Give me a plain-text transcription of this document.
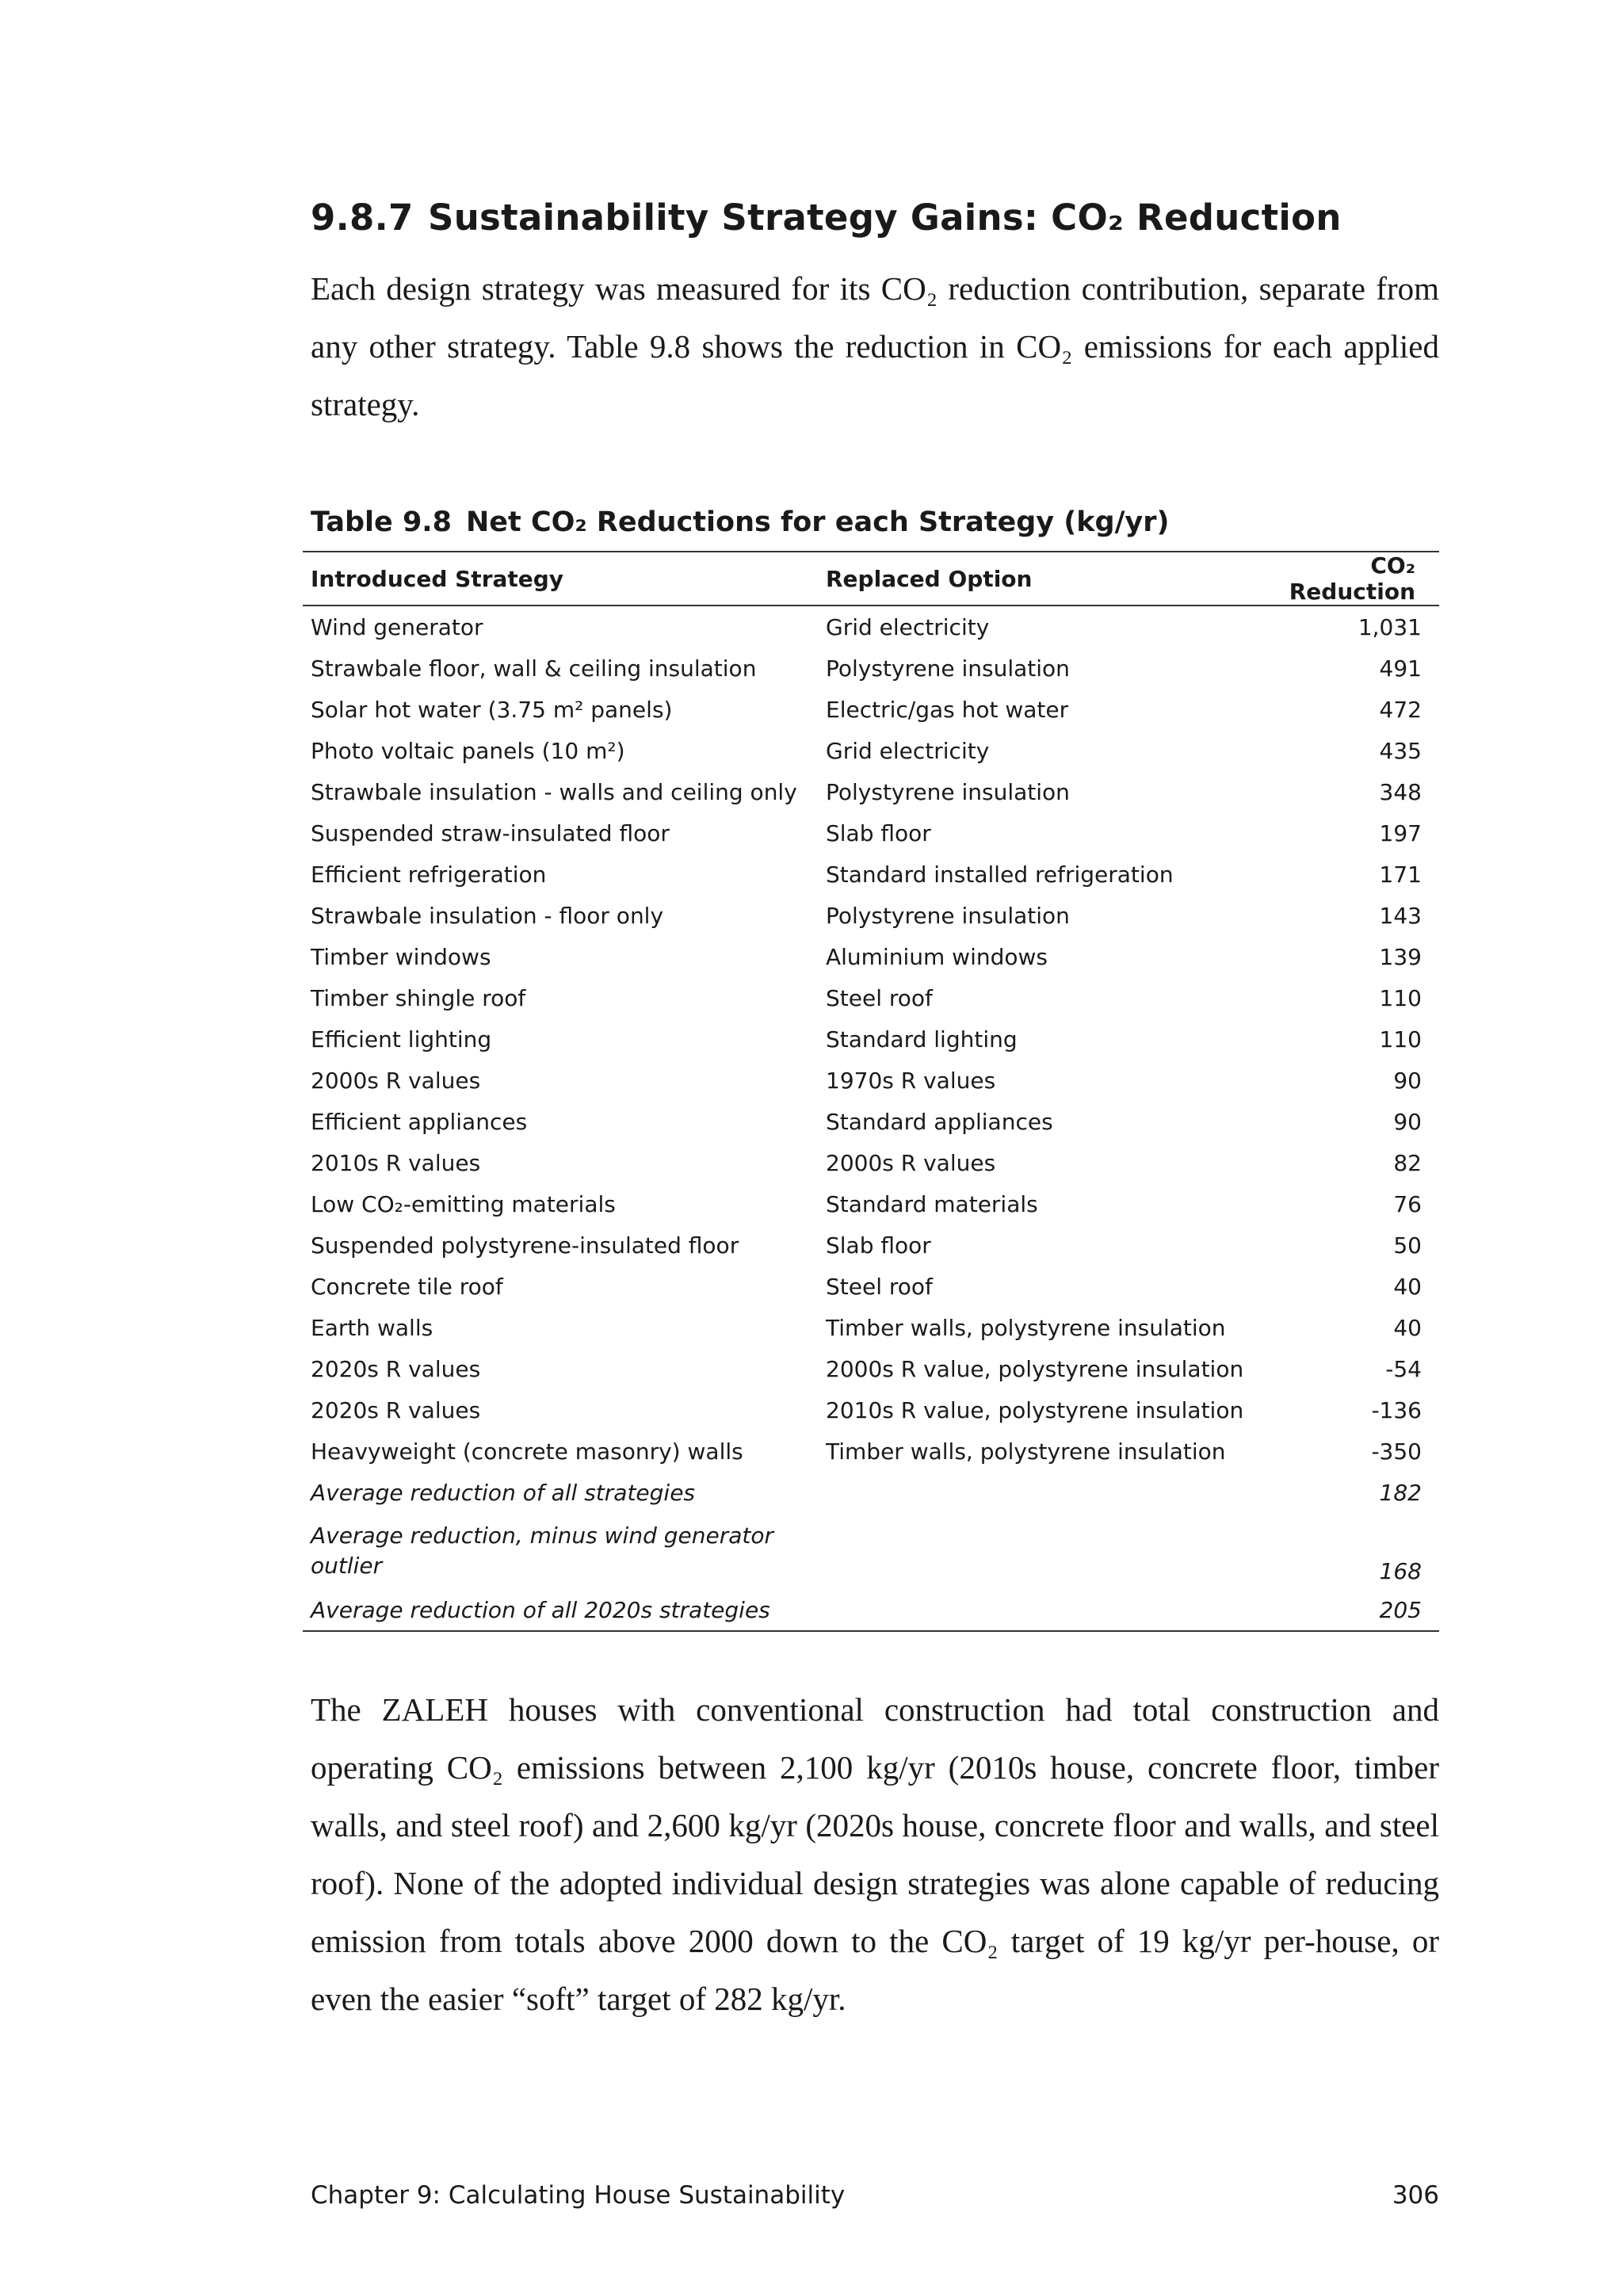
9.8.7 Sustainability Strategy Gains: CO₂ Reduction

Each design strategy was measured for its CO₂ reduction contribution, separate from any other strategy. Table 9.8 shows the reduction in CO₂ emissions for each applied strategy.

Table 9.8 Net CO₂ Reductions for each Strategy (kg/yr)
Introduced Strategy	Replaced Option	CO₂ Reduction
Wind generator	Grid electricity	1,031
Strawbale floor, wall & ceiling insulation	Polystyrene insulation	491
Solar hot water (3.75 m² panels)	Electric/gas hot water	472
Photo voltaic panels (10 m²)	Grid electricity	435
Strawbale insulation - walls and ceiling only	Polystyrene insulation	348
Suspended straw-insulated floor	Slab floor	197
Efficient refrigeration	Standard installed refrigeration	171
Strawbale insulation - floor only	Polystyrene insulation	143
Timber windows	Aluminium windows	139
Timber shingle roof	Steel roof	110
Efficient lighting	Standard lighting	110
2000s R values	1970s R values	90
Efficient appliances	Standard appliances	90
2010s R values	2000s R values	82
Low CO₂-emitting materials	Standard materials	76
Suspended polystyrene-insulated floor	Slab floor	50
Concrete tile roof	Steel roof	40
Earth walls	Timber walls, polystyrene insulation	40
2020s R values	2000s R value, polystyrene insulation	-54
2020s R values	2010s R value, polystyrene insulation	-136
Heavyweight (concrete masonry) walls	Timber walls, polystyrene insulation	-350
Average reduction of all strategies		182
Average reduction, minus wind generator outlier		168
Average reduction of all 2020s strategies		205

The ZALEH houses with conventional construction had total construction and operating CO₂ emissions between 2,100 kg/yr (2010s house, concrete floor, timber walls, and steel roof) and 2,600 kg/yr (2020s house, concrete floor and walls, and steel roof). None of the adopted individual design strategies was alone capable of reducing emission from totals above 2000 down to the CO₂ target of 19 kg/yr per-house, or even the easier “soft” target of 282 kg/yr.

Chapter 9: Calculating House Sustainability	306
